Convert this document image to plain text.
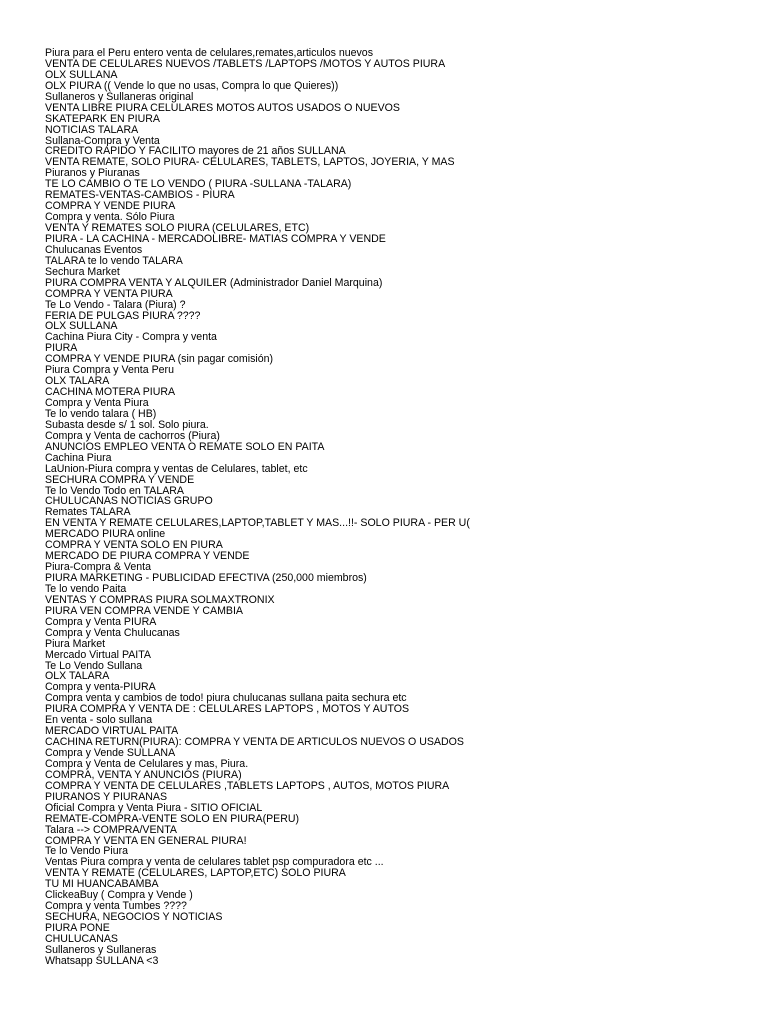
Piura para el Peru entero venta de celulares,remates,articulos nuevos
VENTA DE CELULARES NUEVOS /TABLETS /LAPTOPS /MOTOS Y AUTOS PIURA
OLX SULLANA
OLX PIURA (( Vende lo que no usas, Compra lo que Quieres))
Sullaneros y Sullaneras original
VENTA LIBRE PIURA CELULARES MOTOS AUTOS USADOS O NUEVOS
SKATEPARK EN PIURA
NOTICIAS TALARA
Sullana-Compra y Venta
CREDITO RAPIDO Y FACILITO mayores de 21 años SULLANA
VENTA REMATE, SOLO PIURA- CELULARES, TABLETS, LAPTOS, JOYERIA, Y MAS
Piuranos y Piuranas
TE LO CAMBIO O TE LO VENDO ( PIURA -SULLANA -TALARA)
REMATES-VENTAS-CAMBIOS - PIURA
COMPRA Y VENDE PIURA
Compra y venta. Sólo Piura
VENTA Y REMATES SOLO PIURA (CELULARES, ETC)
PIURA - LA CACHINA - MERCADOLIBRE- MATIAS COMPRA Y VENDE
Chulucanas Eventos
TALARA te lo vendo TALARA
Sechura Market
PIURA COMPRA VENTA Y ALQUILER (Administrador Daniel Marquina)
COMPRA Y VENTA PIURA
Te Lo Vendo - Talara (Piura) ?
FERIA DE PULGAS PIURA ????
OLX SULLANA
Cachina Piura City - Compra y venta
PIURA
COMPRA Y VENDE PIURA (sin pagar comisión)
Piura Compra y Venta Peru
OLX TALARA
CACHINA MOTERA PIURA
Compra y Venta Piura
Te lo vendo talara ( HB)
Subasta desde s/ 1 sol. Solo piura.
Compra y Venta de cachorros (Piura)
ANUNCIOS EMPLEO VENTA O REMATE SOLO EN PAITA
Cachina Piura
LaUnion-Piura compra y ventas de Celulares, tablet, etc
SECHURA COMPRA Y VENDE
Te lo Vendo Todo en TALARA
CHULUCANAS NOTICIAS GRUPO
Remates TALARA
EN VENTA Y REMATE CELULARES,LAPTOP,TABLET Y MAS...!!- SOLO PIURA - PER U(
MERCADO PIURA online
COMPRA Y VENTA SOLO EN PIURA
MERCADO DE PIURA COMPRA Y VENDE
Piura-Compra & Venta
PIURA MARKETING - PUBLICIDAD EFECTIVA (250,000 miembros)
Te lo vendo Paita
VENTAS Y COMPRAS PIURA SOLMAXTRONIX
PIURA VEN COMPRA VENDE Y CAMBIA
Compra y Venta PIURA
Compra y Venta Chulucanas
Piura Market
Mercado Virtual PAITA
Te Lo Vendo Sullana
OLX TALARA
Compra y venta-PIURA
Compra venta y cambios de todo! piura chulucanas sullana paita sechura etc
PIURA COMPRA Y VENTA DE : CELULARES LAPTOPS , MOTOS Y AUTOS
En venta - solo sullana
MERCADO VIRTUAL PAITA
CACHINA RETURN(PIURA): COMPRA Y VENTA DE ARTICULOS NUEVOS O USADOS
Compra y Vende SULLANA
Compra y Venta de Celulares y mas, Piura.
COMPRA, VENTA Y ANUNCIOS (PIURA)
COMPRA Y VENTA DE CELULARES ,TABLETS LAPTOPS , AUTOS, MOTOS PIURA
PIURANOS Y PIURANAS
Oficial Compra y Venta Piura - SITIO OFICIAL
REMATE-COMPRA-VENTE SOLO EN PIURA(PERU)
Talara --> COMPRA/VENTA
COMPRA Y VENTA EN GENERAL PIURA!
Te lo Vendo Piura
Ventas Piura compra y venta de celulares tablet psp compuradora etc ...
VENTA Y REMATE (CELULARES, LAPTOP,ETC) SOLO PIURA
TU MI HUANCABAMBA
ClickeaBuy ( Compra y Vende )
Compra y venta Tumbes ????
SECHURA, NEGOCIOS Y NOTICIAS
PIURA PONE
CHULUCANAS
Sullaneros y Sullaneras
Whatsapp SULLANA <3
